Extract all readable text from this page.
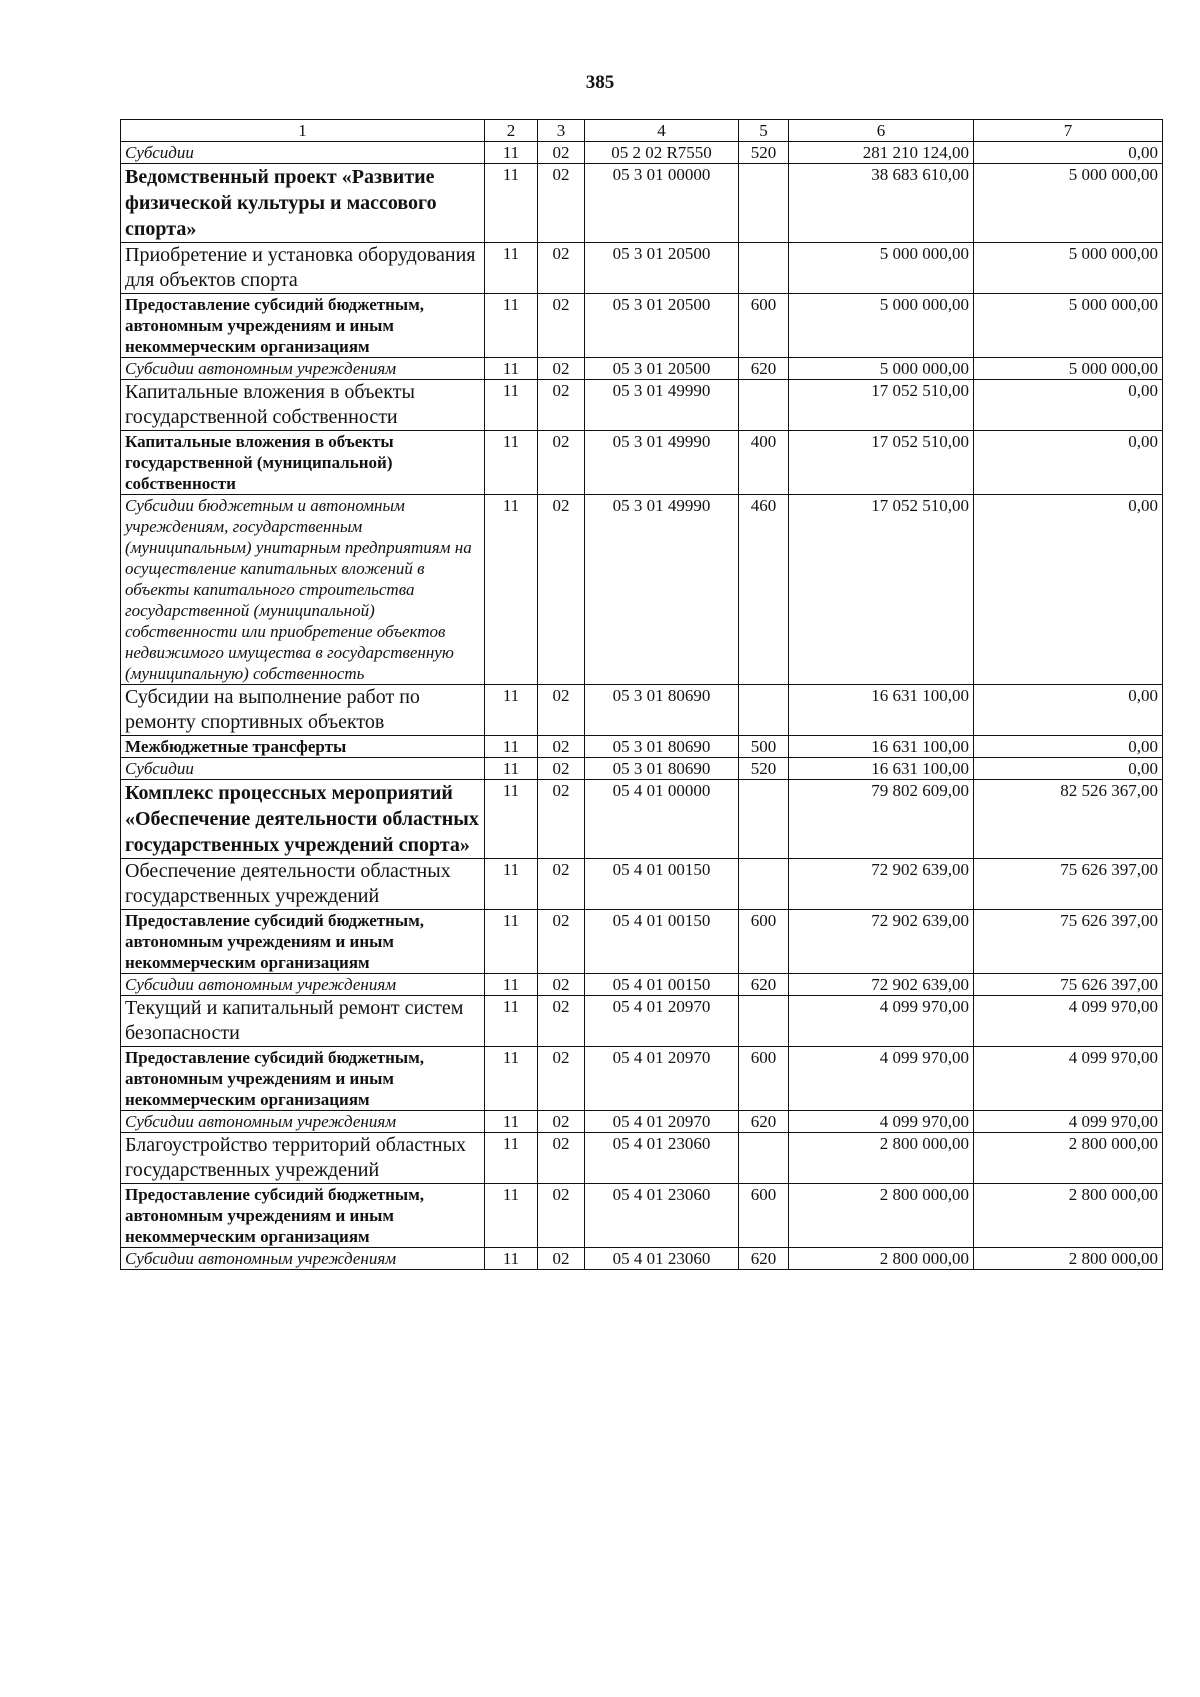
385
1	2	3	4	5	6	7
Субсидии	11	02	05 2 02 R7550	520	281 210 124,00	0,00
Ведомственный проект «Развитие физической культуры и массового спорта»	11	02	05 3 01 00000		38 683 610,00	5 000 000,00
Приобретение и установка оборудования для объектов спорта	11	02	05 3 01 20500		5 000 000,00	5 000 000,00
Предоставление субсидий бюджетным, автономным учреждениям и иным некоммерческим организациям	11	02	05 3 01 20500	600	5 000 000,00	5 000 000,00
Субсидии автономным учреждениям	11	02	05 3 01 20500	620	5 000 000,00	5 000 000,00
Капитальные вложения в объекты государственной собственности	11	02	05 3 01 49990		17 052 510,00	0,00
Капитальные вложения в объекты государственной (муниципальной) собственности	11	02	05 3 01 49990	400	17 052 510,00	0,00
Субсидии бюджетным и автономным учреждениям, государственным (муниципальным) унитарным предприятиям на осуществление капитальных вложений в объекты капитального строительства государственной (муниципальной) собственности или приобретение объектов недвижимого имущества в государственную (муниципальную) собственность	11	02	05 3 01 49990	460	17 052 510,00	0,00
Субсидии на выполнение работ по ремонту спортивных объектов	11	02	05 3 01 80690		16 631 100,00	0,00
Межбюджетные трансферты	11	02	05 3 01 80690	500	16 631 100,00	0,00
Субсидии	11	02	05 3 01 80690	520	16 631 100,00	0,00
Комплекс процессных мероприятий «Обеспечение деятельности областных государственных учреждений спорта»	11	02	05 4 01 00000		79 802 609,00	82 526 367,00
Обеспечение деятельности областных государственных учреждений	11	02	05 4 01 00150		72 902 639,00	75 626 397,00
Предоставление субсидий бюджетным, автономным учреждениям и иным некоммерческим организациям	11	02	05 4 01 00150	600	72 902 639,00	75 626 397,00
Субсидии автономным учреждениям	11	02	05 4 01 00150	620	72 902 639,00	75 626 397,00
Текущий и капитальный ремонт систем безопасности	11	02	05 4 01 20970		4 099 970,00	4 099 970,00
Предоставление субсидий бюджетным, автономным учреждениям и иным некоммерческим организациям	11	02	05 4 01 20970	600	4 099 970,00	4 099 970,00
Субсидии автономным учреждениям	11	02	05 4 01 20970	620	4 099 970,00	4 099 970,00
Благоустройство территорий областных государственных учреждений	11	02	05 4 01 23060		2 800 000,00	2 800 000,00
Предоставление субсидий бюджетным, автономным учреждениям и иным некоммерческим организациям	11	02	05 4 01 23060	600	2 800 000,00	2 800 000,00
Субсидии автономным учреждениям	11	02	05 4 01 23060	620	2 800 000,00	2 800 000,00
